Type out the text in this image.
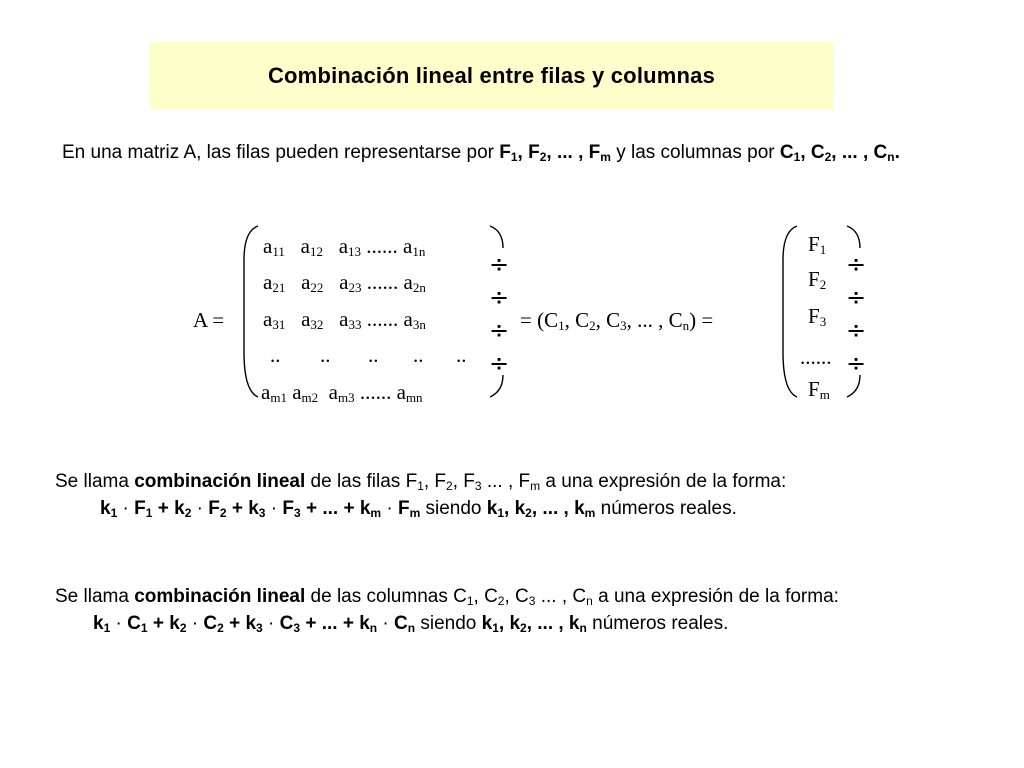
Combinación lineal entre filas y columnas

En una matriz A, las filas pueden representarse por $F_1$, $F_2$, ... , $F_m$ y las columnas por $C_1$, $C_2$, ... , $C_n$.

A =
$a_{11}$ $a_{12}$ $a_{13}$ ...... $a_{1n}$
$a_{21}$ $a_{22}$ $a_{23}$ ...... $a_{2n}$
$a_{31}$ $a_{32}$ $a_{33}$ ...... $a_{3n}$
.. .. .. .. ..
$a_{m1}$ $a_{m2}$ $a_{m3}$ ...... $a_{mn}$
÷
÷
÷
÷
= ($C_1$, $C_2$, $C_3$, ... , $C_n$) =
$F_1$
$F_2$
$F_3$
......
$F_m$
÷
÷
÷
÷

Se llama combinación lineal de las filas $F_1$, $F_2$, $F_3$ ... , $F_m$ a una expresión de la forma:
$k_1 \cdot F_1 + k_2 \cdot F_2 + k_3 \cdot F_3$ + ... + $k_m \cdot F_m$ siendo $k_1$, $k_2$, ... , $k_m$ números reales.

Se llama combinación lineal de las columnas $C_1$, $C_2$, $C_3$ ... , $C_n$ a una expresión de la forma:
$k_1 \cdot C_1 + k_2 \cdot C_2 + k_3 \cdot C_3$ + ... + $k_n \cdot C_n$ siendo $k_1$, $k_2$, ... , $k_n$ números reales.
